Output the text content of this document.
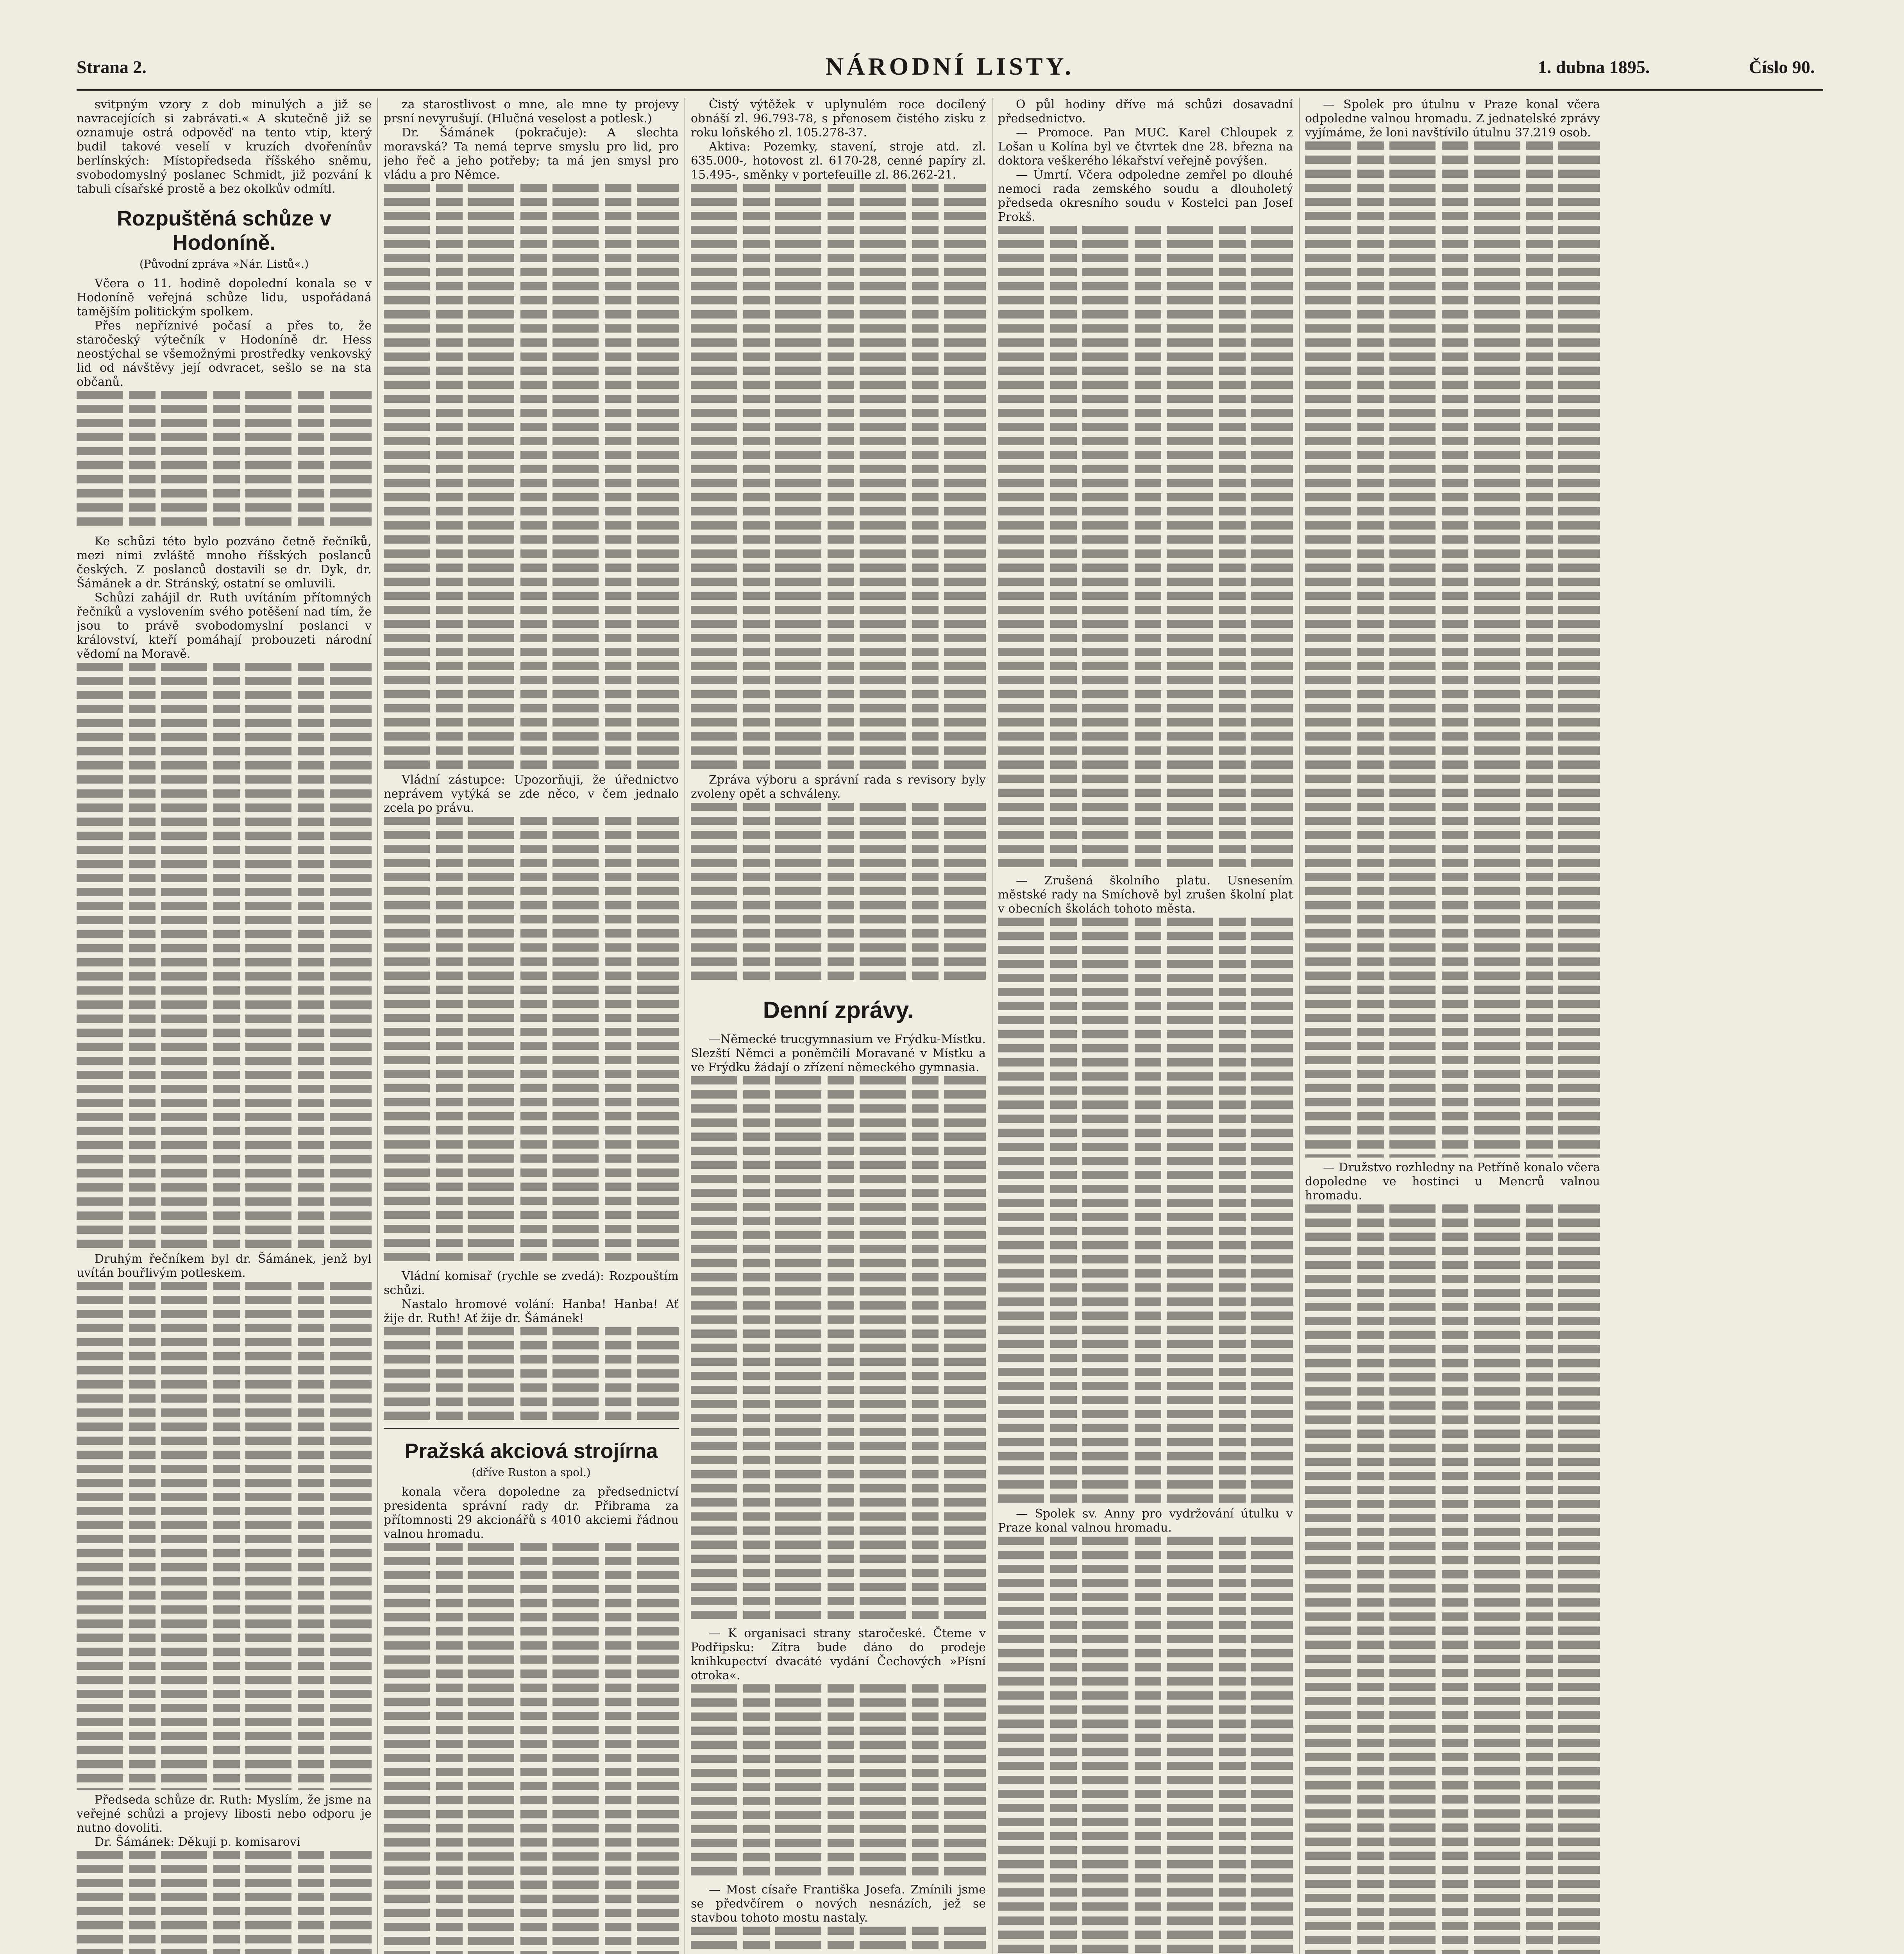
Strana 2.	NÁRODNÍ LISTY.	1. dubna 1895.	Číslo 90.

svitpným vzory z dob minulých a již se navracejících si zabrávati.« A skutečně již se oznamuje ostrá odpověď na tento vtip, který budil takové veselí v kruzích dvořenínův berlínských: Místopředseda říšského sněmu, svobodomyslný poslanec Schmidt, již pozvání k tabuli císařské prostě a bez okolkův odmítl.

Rozpuštěná schůze v Hodoníně.
(Původní zpráva »Nár. Listů«.)

Včera o 11. hodině dopolední konala se v Hodoníně veřejná schůze lidu, uspořádaná tamějším politickým spolkem.

Přes nepříznivé počasí a přes to, že staročeský výtečník v Hodoníně dr. Hess neostýchal se všemožnými prostředky venkovský lid od návštěvy její odvracet, sešlo se na sta občanů.

Ke schůzi této bylo pozváno četně řečníků, mezi nimi zvláště mnoho říšských poslanců českých. Z poslanců dostavili se dr. Dyk, dr. Šámánek a dr. Stránský, ostatní se omluvili.

Schůzi zahájil dr. Ruth uvítáním přítomných řečníků a vyslovením svého potěšení nad tím, že jsou to právě svobodomyslní poslanci v království, kteří pomáhají probouzeti národní vědomí na Moravě.

Druhým řečníkem byl dr. Šámánek, jenž byl uvítán bouřlivým potleskem.

Předseda schůze dr. Ruth: Myslím, že jsme na veřejné schůzi a projevy libosti nebo odporu je nutno dovoliti.

Dr. Šámánek: Děkuji p. komisarovi

za starostlivost o mne, ale mne ty projevy prsní nevyrušují. (Hlučná veselost a potlesk.)

Dr. Šámánek (pokračuje): A slechta moravská? Ta nemá teprve smyslu pro lid, pro jeho řeč a jeho potřeby; ta má jen smysl pro vládu a pro Němce.

Vládní zástupce: Upozorňuji, že úřednictvo neprávem vytýká se zde něco, v čem jednalo zcela po právu.

Vládní komisař (rychle se zvedá): Rozpouštím schůzi.

Nastalo hromové volání: Hanba! Hanba! Ať žije dr. Ruth! Ať žije dr. Šámánek!

Pražská akciová strojírna
(dříve Ruston a spol.)

konala včera dopoledne za předsednictví presidenta správní rady dr. Přibrama za přítomnosti 29 akcionářů s 4010 akciemi řádnou valnou hromadu.

Čistý výtěžek v uplynulém roce docílený obnáší zl. 96.793-78, s přenosem čistého zisku z roku loňského zl. 105.278-37.

Aktiva: Pozemky, stavení, stroje atd. zl. 635.000-, hotovost zl. 6170-28, cenné papíry zl. 15.495-, směnky v portefeuille zl. 86.262-21.

Zpráva výboru a správní rada s revisory byly zvoleny opět a schváleny.

Denní zprávy.

—Německé trucgymnasium ve Frýdku-Místku. Slezští Němci a poněmčilí Moravané v Místku a ve Frýdku žádají o zřízení německého gymnasia.

— K organisaci strany staročeské. Čteme v Podřipsku: Zítra bude dáno do prodeje knihkupectví dvacáté vydání Čechových »Písní otroka«.

— Most císaře Františka Josefa. Zmínili jsme se předvčírem o nových nesnázích, jež se stavbou tohoto mostu nastaly.

O půl hodiny dříve má schůzi dosavadní předsednictvo.

— Promoce. Pan MUC. Karel Chloupek z Lošan u Kolína byl ve čtvrtek dne 28. března na doktora veškerého lékařství veřejně povýšen.

— Úmrtí. Včera odpoledne zemřel po dlouhé nemoci rada zemského soudu a dlouholetý předseda okresního soudu v Kostelci pan Josef Prokš.

— Zrušená školního platu. Usnesením městské rady na Smíchově byl zrušen školní plat v obecních školách tohoto města.

— Spolek sv. Anny pro vydržování útulku v Praze konal valnou hromadu.

— Spolek pro útulnu v Praze konal včera odpoledne valnou hromadu. Z jednatelské zprávy vyjímáme, že loni navštívilo útulnu 37.219 osob.

— Družstvo rozhledny na Petříně konalo včera dopoledne ve hostinci u Mencrů valnou hromadu.
